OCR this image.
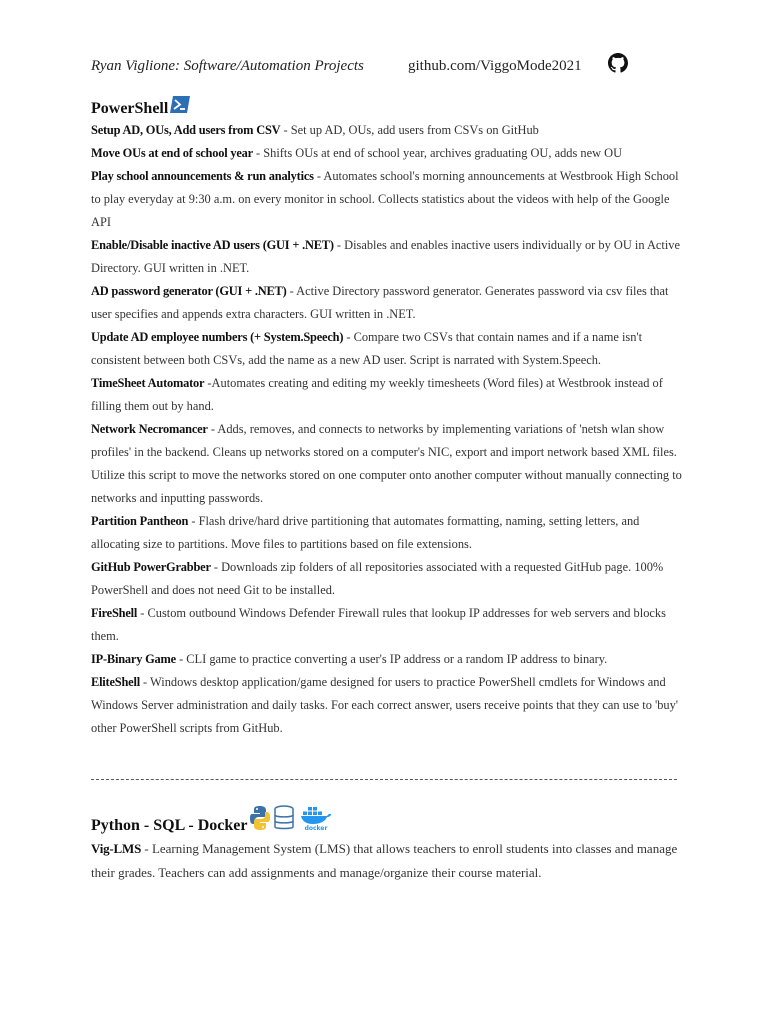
Ryan Viglione: Software/Automation Projects	github.com/ViggoMode2021
PowerShell

Setup AD, OUs, Add users from CSV - Set up AD, OUs, add users from CSVs on GitHub

Move OUs at end of school year - Shifts OUs at end of school year, archives graduating OU, adds new OU

Play school announcements & run analytics - Automates school's morning announcements at Westbrook High School to play everyday at 9:30 a.m. on every monitor in school. Collects statistics about the videos with help of the Google API

Enable/Disable inactive AD users (GUI + .NET) - Disables and enables inactive users individually or by OU in Active Directory. GUI written in .NET.

AD password generator (GUI + .NET) - Active Directory password generator. Generates password via csv files that user specifies and appends extra characters. GUI written in .NET.

Update AD employee numbers (+ System.Speech) - Compare two CSVs that contain names and if a name isn't consistent between both CSVs, add the name as a new AD user. Script is narrated with System.Speech.

TimeSheet Automator -Automates creating and editing my weekly timesheets (Word files) at Westbrook instead of filling them out by hand.

Network Necromancer - Adds, removes, and connects to networks by implementing variations of 'netsh wlan show profiles' in the backend. Cleans up networks stored on a computer's NIC, export and import network based XML files. Utilize this script to move the networks stored on one computer onto another computer without manually connecting to networks and inputting passwords.

Partition Pantheon - Flash drive/hard drive partitioning that automates formatting, naming, setting letters, and allocating size to partitions. Move files to partitions based on file extensions.

GitHub PowerGrabber - Downloads zip folders of all repositories associated with a requested GitHub page. 100% PowerShell and does not need Git to be installed.

FireShell - Custom outbound Windows Defender Firewall rules that lookup IP addresses for web servers and blocks them.

IP-Binary Game - CLI game to practice converting a user's IP address or a random IP address to binary.

EliteShell - Windows desktop application/game designed for users to practice PowerShell cmdlets for Windows and Windows Server administration and daily tasks. For each correct answer, users receive points that they can use to 'buy' other PowerShell scripts from GitHub.

Python - SQL - Docker	docker

Vig-LMS - Learning Management System (LMS) that allows teachers to enroll students into classes and manage their grades. Teachers can add assignments and manage/organize their course material.
